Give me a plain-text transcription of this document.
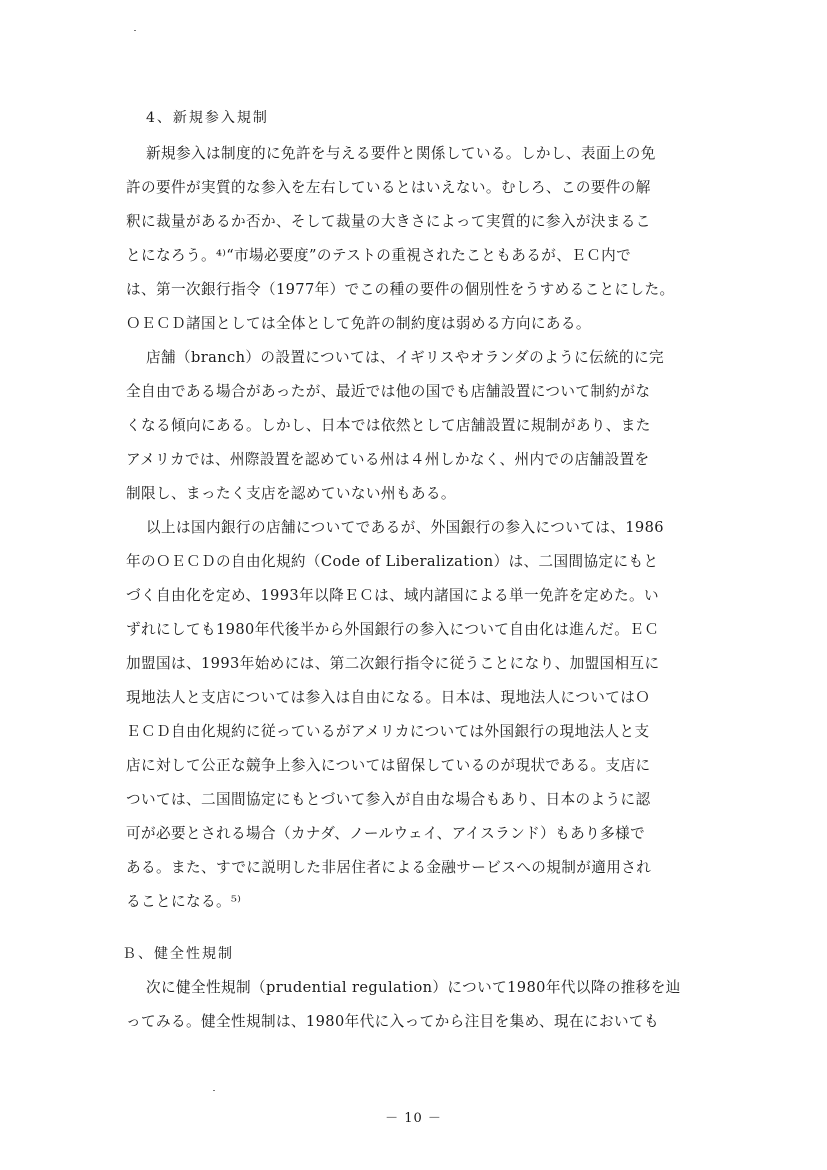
4、新規参入規制
新規参入は制度的に免許を与える要件と関係している。しかし、表面上の免
許の要件が実質的な参入を左右しているとはいえない。むしろ、この要件の解
釈に裁量があるか否か、そして裁量の大きさによって実質的に参入が決まるこ
とになろう。⁴⁾“市場必要度”のテストの重視されたこともあるが、ＥＣ内で
は、第一次銀行指令（1977年）でこの種の要件の個別性をうすめることにした。
ＯＥＣＤ諸国としては全体として免許の制約度は弱める方向にある。
店舗（branch）の設置については、イギリスやオランダのように伝統的に完
全自由である場合があったが、最近では他の国でも店舗設置について制約がな
くなる傾向にある。しかし、日本では依然として店舗設置に規制があり、また
アメリカでは、州際設置を認めている州は４州しかなく、州内での店舗設置を
制限し、まったく支店を認めていない州もある。
以上は国内銀行の店舗についてであるが、外国銀行の参入については、1986
年のＯＥＣＤの自由化規約（Code of Liberalization）は、二国間協定にもと
づく自由化を定め、1993年以降ＥＣは、域内諸国による単一免許を定めた。い
ずれにしても1980年代後半から外国銀行の参入について自由化は進んだ。ＥＣ
加盟国は、1993年始めには、第二次銀行指令に従うことになり、加盟国相互に
現地法人と支店については参入は自由になる。日本は、現地法人についてはＯ
ＥＣＤ自由化規約に従っているがアメリカについては外国銀行の現地法人と支
店に対して公正な競争上参入については留保しているのが現状である。支店に
ついては、二国間協定にもとづいて参入が自由な場合もあり、日本のように認
可が必要とされる場合（カナダ、ノールウェイ、アイスランド）もあり多様で
ある。また、すでに説明した非居住者による金融サービスへの規制が適用され
ることになる。⁵⁾
Ｂ、健全性規制
次に健全性規制（prudential regulation）について1980年代以降の推移を辿
ってみる。健全性規制は、1980年代に入ってから注目を集め、現在においても
－ 10 －
